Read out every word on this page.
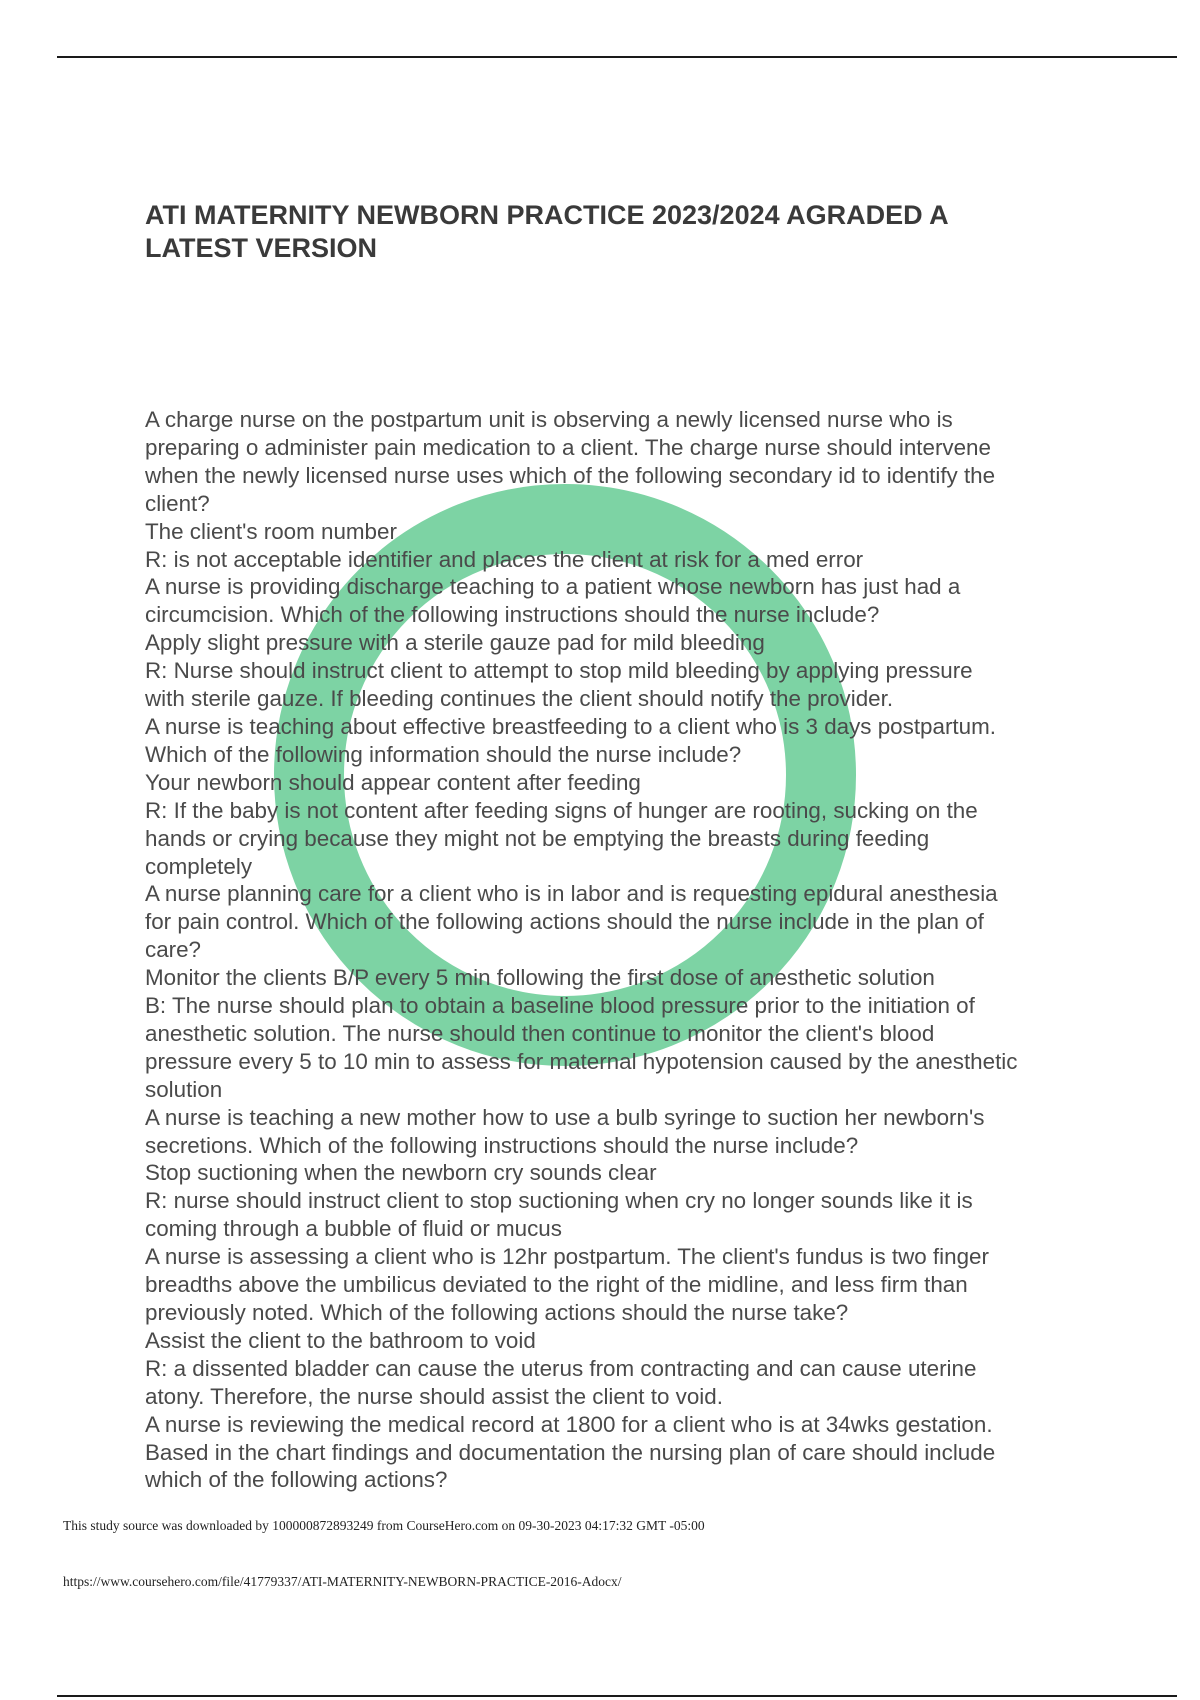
ATI MATERNITY NEWBORN PRACTICE 2023/2024 AGRADED A
LATEST VERSION
A charge nurse on the postpartum unit is observing a newly licensed nurse who is
preparing o administer pain medication to a client. The charge nurse should intervene
when the newly licensed nurse uses which of the following secondary id to identify the
client?
The client's room number
R: is not acceptable identifier and places the client at risk for a med error
A nurse is providing discharge teaching to a patient whose newborn has just had a
circumcision. Which of the following instructions should the nurse include?
Apply slight pressure with a sterile gauze pad for mild bleeding
R: Nurse should instruct client to attempt to stop mild bleeding by applying pressure
with sterile gauze. If bleeding continues the client should notify the provider.
A nurse is teaching about effective breastfeeding to a client who is 3 days postpartum.
Which of the following information should the nurse include?
Your newborn should appear content after feeding
R: If the baby is not content after feeding signs of hunger are rooting, sucking on the
hands or crying because they might not be emptying the breasts during feeding
completely
A nurse planning care for a client who is in labor and is requesting epidural anesthesia
for pain control. Which of the following actions should the nurse include in the plan of
care?
Monitor the clients B/P every 5 min following the first dose of anesthetic solution
B: The nurse should plan to obtain a baseline blood pressure prior to the initiation of
anesthetic solution. The nurse should then continue to monitor the client's blood
pressure every 5 to 10 min to assess for maternal hypotension caused by the anesthetic
solution
A nurse is teaching a new mother how to use a bulb syringe to suction her newborn's
secretions. Which of the following instructions should the nurse include?
Stop suctioning when the newborn cry sounds clear
R: nurse should instruct client to stop suctioning when cry no longer sounds like it is
coming through a bubble of fluid or mucus
A nurse is assessing a client who is 12hr postpartum. The client's fundus is two finger
breadths above the umbilicus deviated to the right of the midline, and less firm than
previously noted. Which of the following actions should the nurse take?
Assist the client to the bathroom to void
R: a dissented bladder can cause the uterus from contracting and can cause uterine
atony. Therefore, the nurse should assist the client to void.
A nurse is reviewing the medical record at 1800 for a client who is at 34wks gestation.
Based in the chart findings and documentation the nursing plan of care should include
which of the following actions?
This study source was downloaded by 100000872893249 from CourseHero.com on 09-30-2023 04:17:32 GMT -05:00
https://www.coursehero.com/file/41779337/ATI-MATERNITY-NEWBORN-PRACTICE-2016-Adocx/
